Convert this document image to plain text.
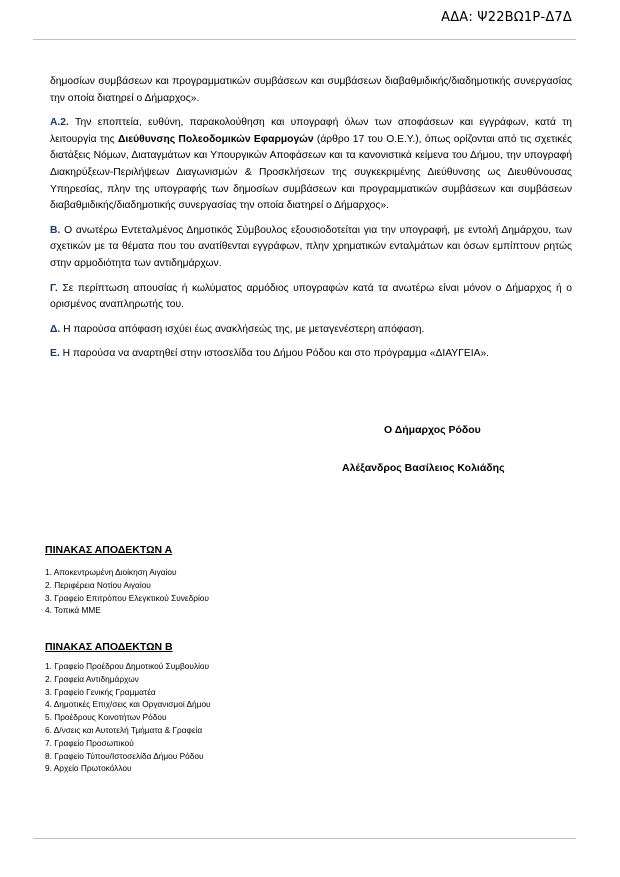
ΑΔΑ: Ψ22ΒΩ1Ρ-Δ7Δ

δημοσίων συμβάσεων και προγραμματικών συμβάσεων και συμβάσεων διαβαθμιδικής/διαδημοτικής συνεργασίας την οποία διατηρεί ο Δήμαρχος».

Α.2. Την εποπτεία, ευθύνη, παρακολούθηση και υπογραφή όλων των αποφάσεων και εγγράφων, κατά τη λειτουργία της Διεύθυνσης Πολεοδομικών Εφαρμογών (άρθρο 17 του Ο.Ε.Υ.), όπως ορίζονται από τις σχετικές διατάξεις Νόμων, Διαταγμάτων και Υπουργικών Αποφάσεων και τα κανονιστικά κείμενα του Δήμου, την υπογραφή Διακηρύξεων-Περιλήψεων Διαγωνισμών & Προσκλήσεων της συγκεκριμένης Διεύθυνσης ως Διευθύνουσας Υπηρεσίας, πλην της υπογραφής των δημοσίων συμβάσεων και προγραμματικών συμβάσεων και συμβάσεων διαβαθμιδικής/διαδημοτικής συνεργασίας την οποία διατηρεί ο Δήμαρχος».

Β. Ο ανωτέρω Εντεταλμένος Δημοτικός Σύμβουλος εξουσιοδοτείται για την υπογραφή, με εντολή Δημάρχου, των σχετικών με τα θέματα που του ανατίθενται εγγράφων, πλην χρηματικών ενταλμάτων και όσων εμπίπτουν ρητώς στην αρμοδιότητα των αντιδημάρχων.

Γ. Σε περίπτωση απουσίας ή κωλύματος αρμόδιος υπογραφών κατά τα ανωτέρω είναι μόνον ο Δήμαρχος ή ο ορισμένος αναπληρωτής του.

Δ. Η παρούσα απόφαση ισχύει έως ανακλήσεώς της, με μεταγενέστερη απόφαση.

Ε. Η παρούσα να αναρτηθεί στην ιστοσελίδα του Δήμου Ρόδου και στο πρόγραμμα «ΔΙΑΥΓΕΙΑ».

Ο Δήμαρχος Ρόδου
Αλέξανδρος Βασίλειος Κολιάδης
ΠΙΝΑΚΑΣ ΑΠΟΔΕΚΤΩΝ Α
1. Αποκεντρωμένη Διοίκηση Αιγαίου
2. Περιφέρεια Νοτίου Αιγαίου
3. Γραφείο Επιτρόπου Ελεγκτικού Συνεδρίου
4. Τοπικά ΜΜΕ
ΠΙΝΑΚΑΣ ΑΠΟΔΕΚΤΩΝ Β
1. Γραφείο Προέδρου Δημοτικού Συμβουλίου
2. Γραφεία Αντιδημάρχων
3. Γραφείο Γενικής Γραμματέα
4. Δημοτικές Επιχ/σεις και Οργανισμοί Δήμου
5. Προέδρους Κοινοτήτων Ρόδου
6. Δ/νσεις και Αυτοτελή Τμήματα & Γραφεία
7. Γραφείο Προσωπικού
8. Γραφείο Τύπου/Ιστοσελίδα Δήμου Ρόδου
9. Αρχείο Πρωτοκόλλου
